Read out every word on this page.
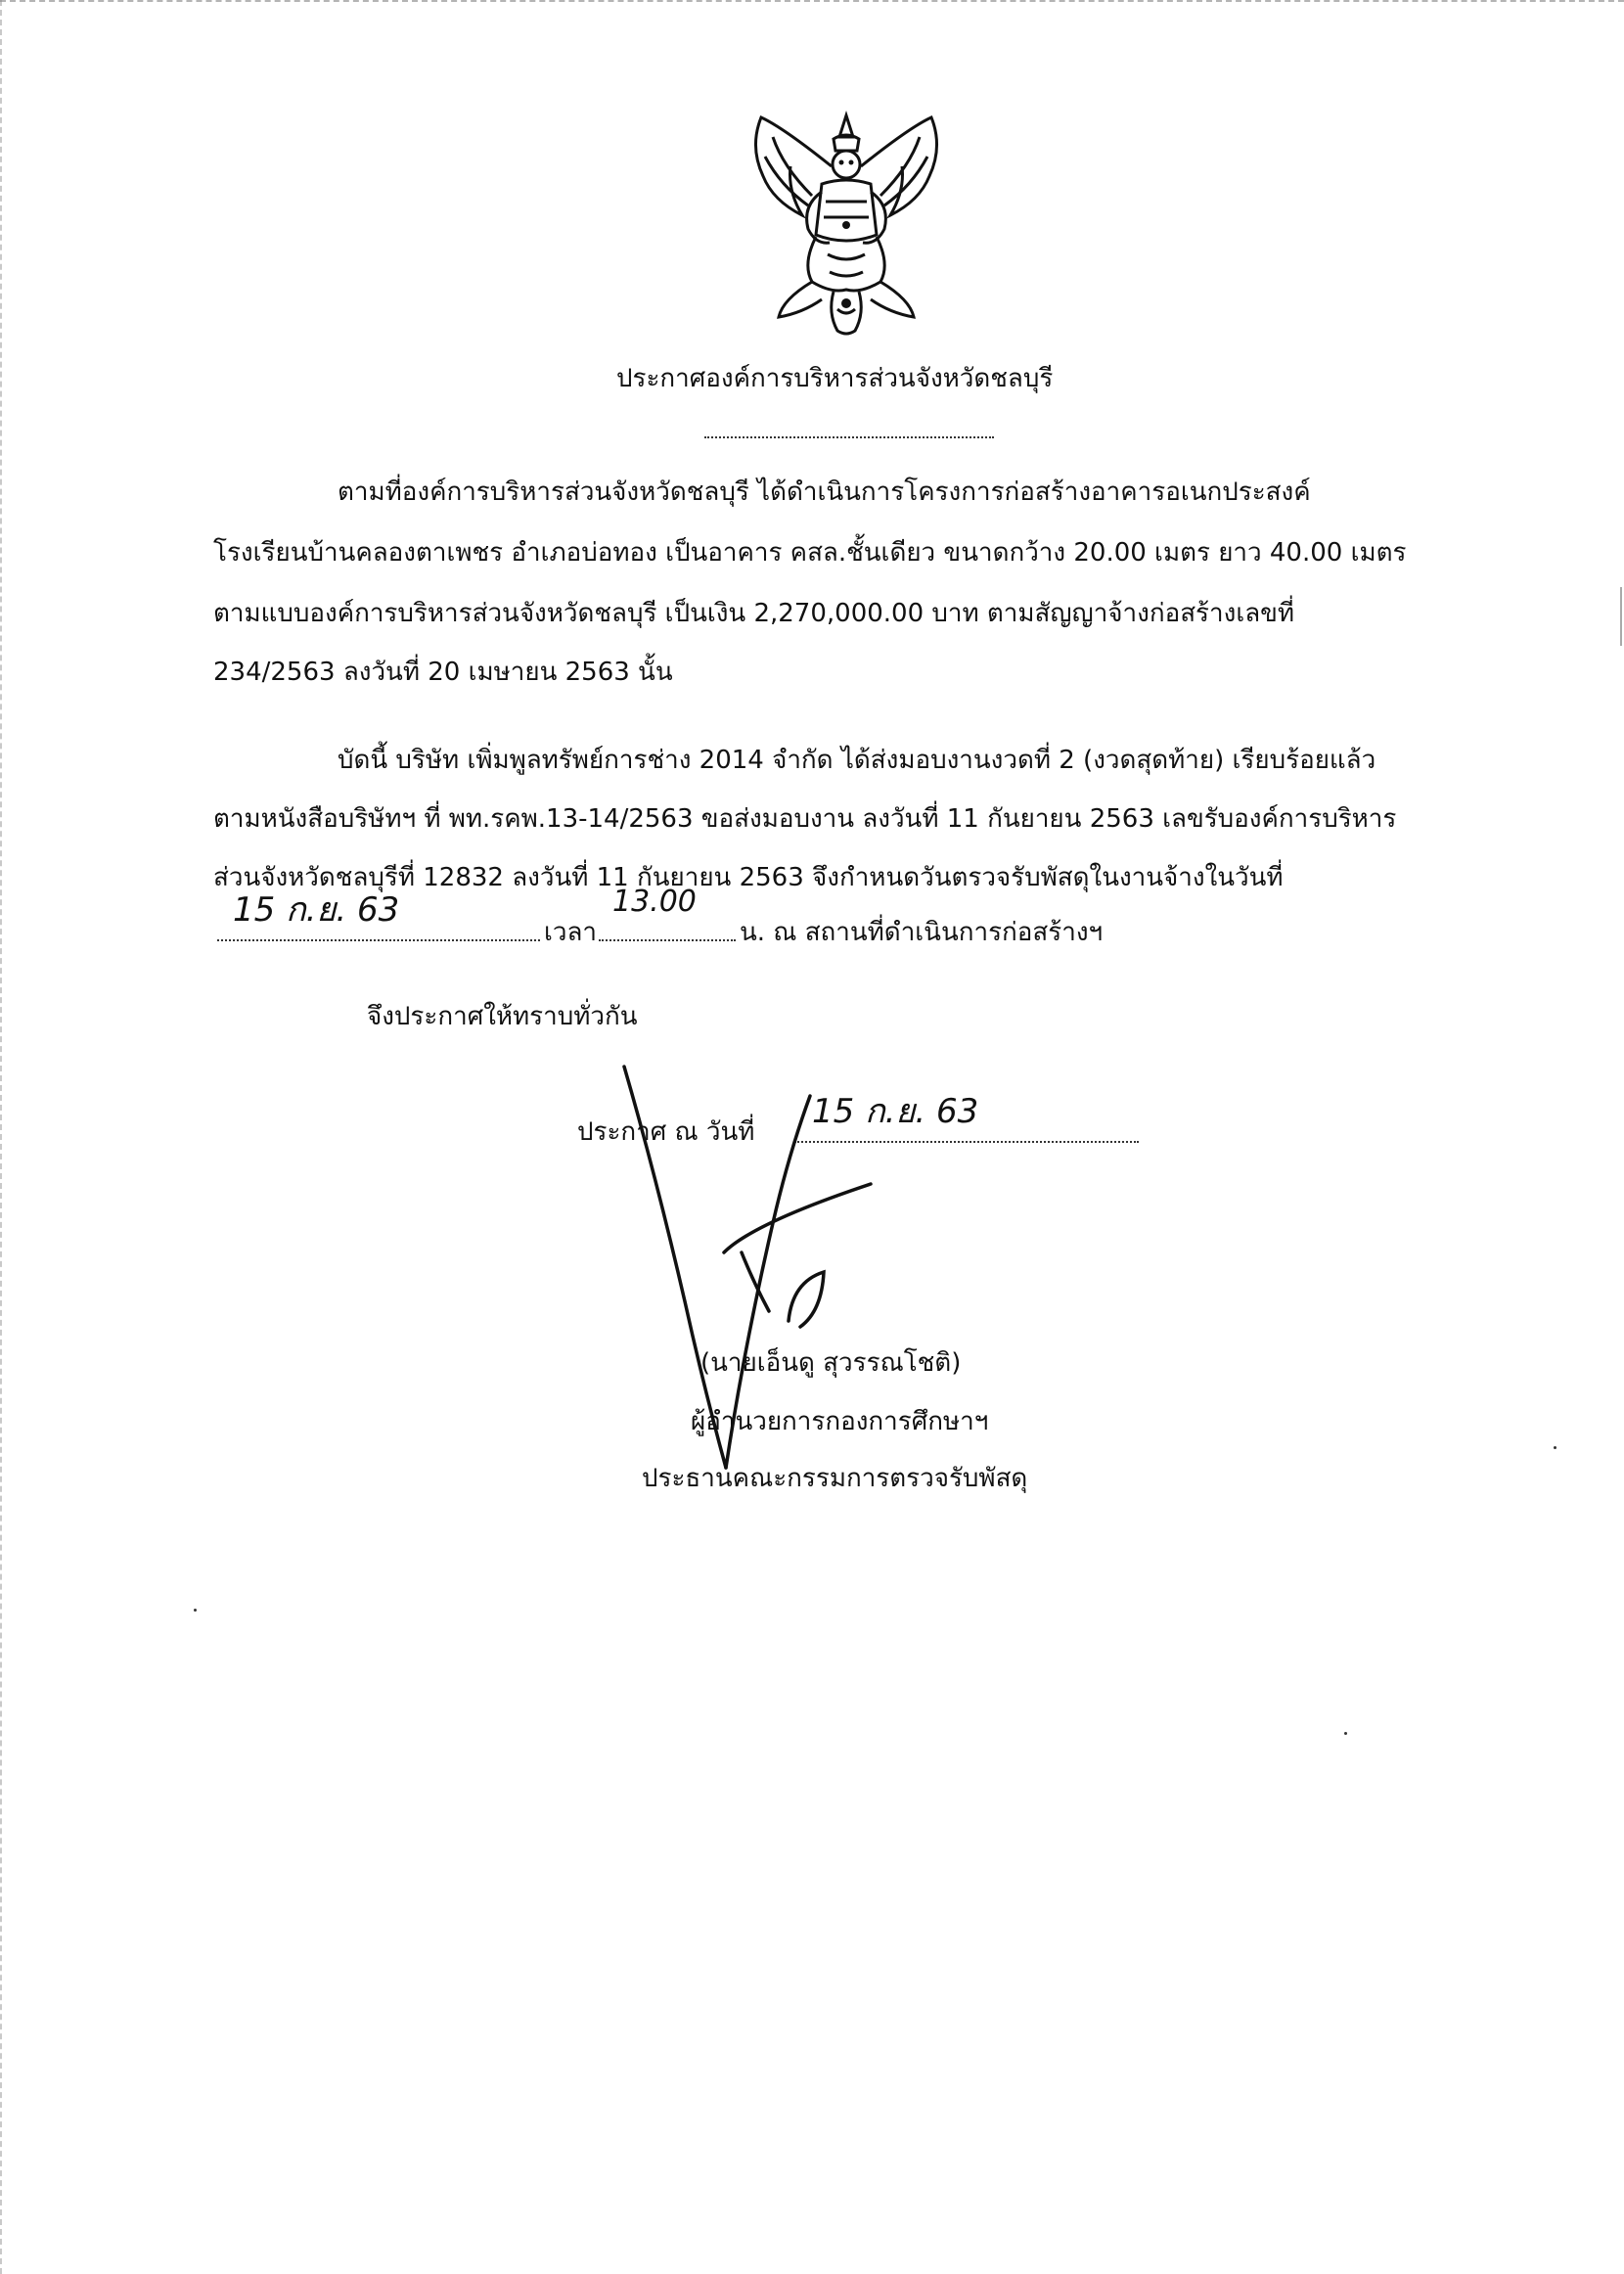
ประกาศองค์การบริหารส่วนจังหวัดชลบุรี
ตามที่องค์การบริหารส่วนจังหวัดชลบุรี ได้ดำเนินการโครงการก่อสร้างอาคารอเนกประสงค์
โรงเรียนบ้านคลองตาเพชร อำเภอบ่อทอง เป็นอาคาร คสล.ชั้นเดียว ขนาดกว้าง 20.00 เมตร ยาว 40.00 เมตร
ตามแบบองค์การบริหารส่วนจังหวัดชลบุรี เป็นเงิน 2,270,000.00 บาท ตามสัญญาจ้างก่อสร้างเลขที่
234/2563 ลงวันที่ 20 เมษายน 2563 นั้น
บัดนี้ บริษัท เพิ่มพูลทรัพย์การช่าง 2014 จำกัด ได้ส่งมอบงานงวดที่ 2 (งวดสุดท้าย) เรียบร้อยแล้ว
ตามหนังสือบริษัทฯ ที่ พท.รคพ.13-14/2563 ขอส่งมอบงาน ลงวันที่ 11 กันยายน 2563 เลขรับองค์การบริหาร
ส่วนจังหวัดชลบุรีที่ 12832 ลงวันที่ 11 กันยายน 2563 จึงกำหนดวันตรวจรับพัสดุในงานจ้างในวันที่
15 ก.ย. 63
เวลา
13.00
น. ณ สถานที่ดำเนินการก่อสร้างฯ
จึงประกาศให้ทราบทั่วกัน
ประกาศ ณ วันที่
15 ก.ย. 63
(นายเอ็นดู สุวรรณโชติ)
ผู้อำนวยการกองการศึกษาฯ
ประธานคณะกรรมการตรวจรับพัสดุ
